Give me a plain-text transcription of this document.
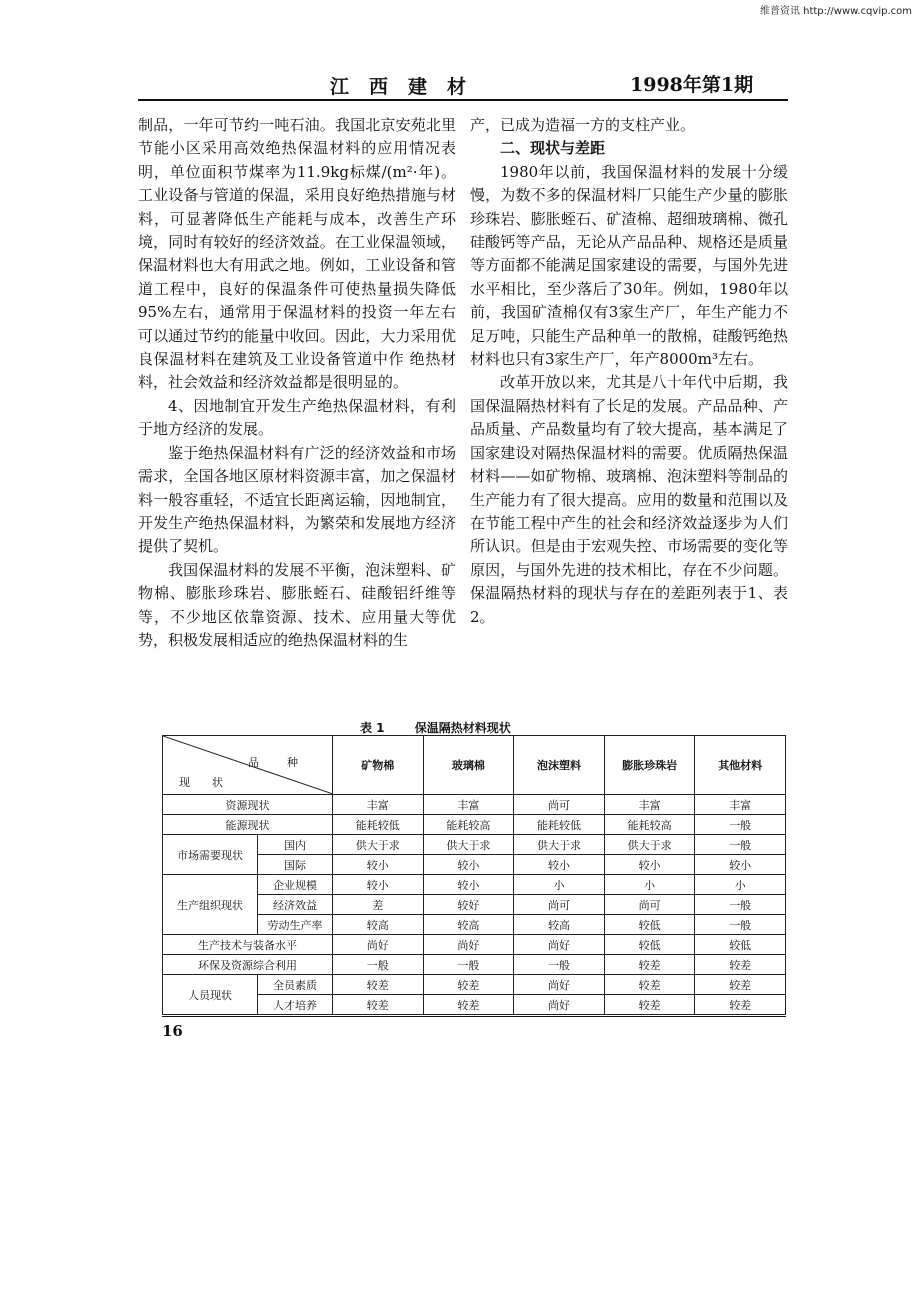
维普资讯 http://www.cqvip.com
江西建材	1998年第1期

制品，一年可节约一吨石油。我国北京安苑北里节能小区采用高效绝热保温材料的应用情况表明，单位面积节煤率为11.9kg标煤/(m²·年)。工业设备与管道的保温，采用良好绝热措施与材料，可显著降低生产能耗与成本，改善生产环境，同时有较好的经济效益。在工业保温领域，保温材料也大有用武之地。例如，工业设备和管道工程中，良好的保温条件可使热量损失降低95%左右，通常用于保温材料的投资一年左右可以通过节约的能量中收回。因此，大力采用优良保温材料在建筑及工业设备管道中作 绝热材料，社会效益和经济效益都是很明显的。

4、因地制宜开发生产绝热保温材料，有利于地方经济的发展。

鉴于绝热保温材料有广泛的经济效益和市场需求，全国各地区原材料资源丰富，加之保温材料一般容重轻，不适宜长距离运输，因地制宜，开发生产绝热保温材料，为繁荣和发展地方经济提供了契机。

我国保温材料的发展不平衡，泡沫塑料、矿物棉、膨胀珍珠岩、膨胀蛭石、硅酸铝纤维等等，不少地区依靠资源、技术、应用量大等优势，积极发展相适应的绝热保温材料的生

产，已成为造福一方的支柱产业。

二、现状与差距

1980年以前，我国保温材料的发展十分缓慢，为数不多的保温材料厂只能生产少量的膨胀珍珠岩、膨胀蛭石、矿渣棉、超细玻璃棉、微孔硅酸钙等产品，无论从产品品种、规格还是质量等方面都不能满足国家建设的需要，与国外先进水平相比，至少落后了30年。例如，1980年以前，我国矿渣棉仅有3家生产厂，年生产能力不足万吨，只能生产品种单一的散棉，硅酸钙绝热材料也只有3家生产厂，年产8000m³左右。

改革开放以来，尤其是八十年代中后期，我国保温隔热材料有了长足的发展。产品品种、产品质量、产品数量均有了较大提高，基本满足了国家建设对隔热保温材料的需要。优质隔热保温材料——如矿物棉、玻璃棉、泡沫塑料等制品的生产能力有了很大提高。应用的数量和范围以及在节能工程中产生的社会和经济效益逐步为人们所认识。但是由于宏观失控、市场需要的变化等原因，与国外先进的技术相比，存在不少问题。保温隔热材料的现状与存在的差距列表于1、表2。

表 1	保温隔热材料现状
品种
现状		矿物棉	玻璃棉	泡沫塑料	膨胀珍珠岩	其他材料
资源现状		丰富	丰富	尚可	丰富	丰富
能源现状		能耗较低	能耗较高	能耗较低	能耗较高	一般
市场需要现状	国内	供大于求	供大于求	供大于求	供大于求	一般
	国际	较小	较小	较小	较小	较小
生产组织现状	企业规模	较小	较小	小	小	小
	经济效益	差	较好	尚可	尚可	一般
	劳动生产率	较高	较高	较高	较低	一般
生产技术与装备水平		尚好	尚好	尚好	较低	较低
环保及资源综合利用		一般	一般	一般	较差	较差
人员现状	全员素质	较差	较差	尚好	较差	较差
	人才培养	较差	较差	尚好	较差	较差
16
